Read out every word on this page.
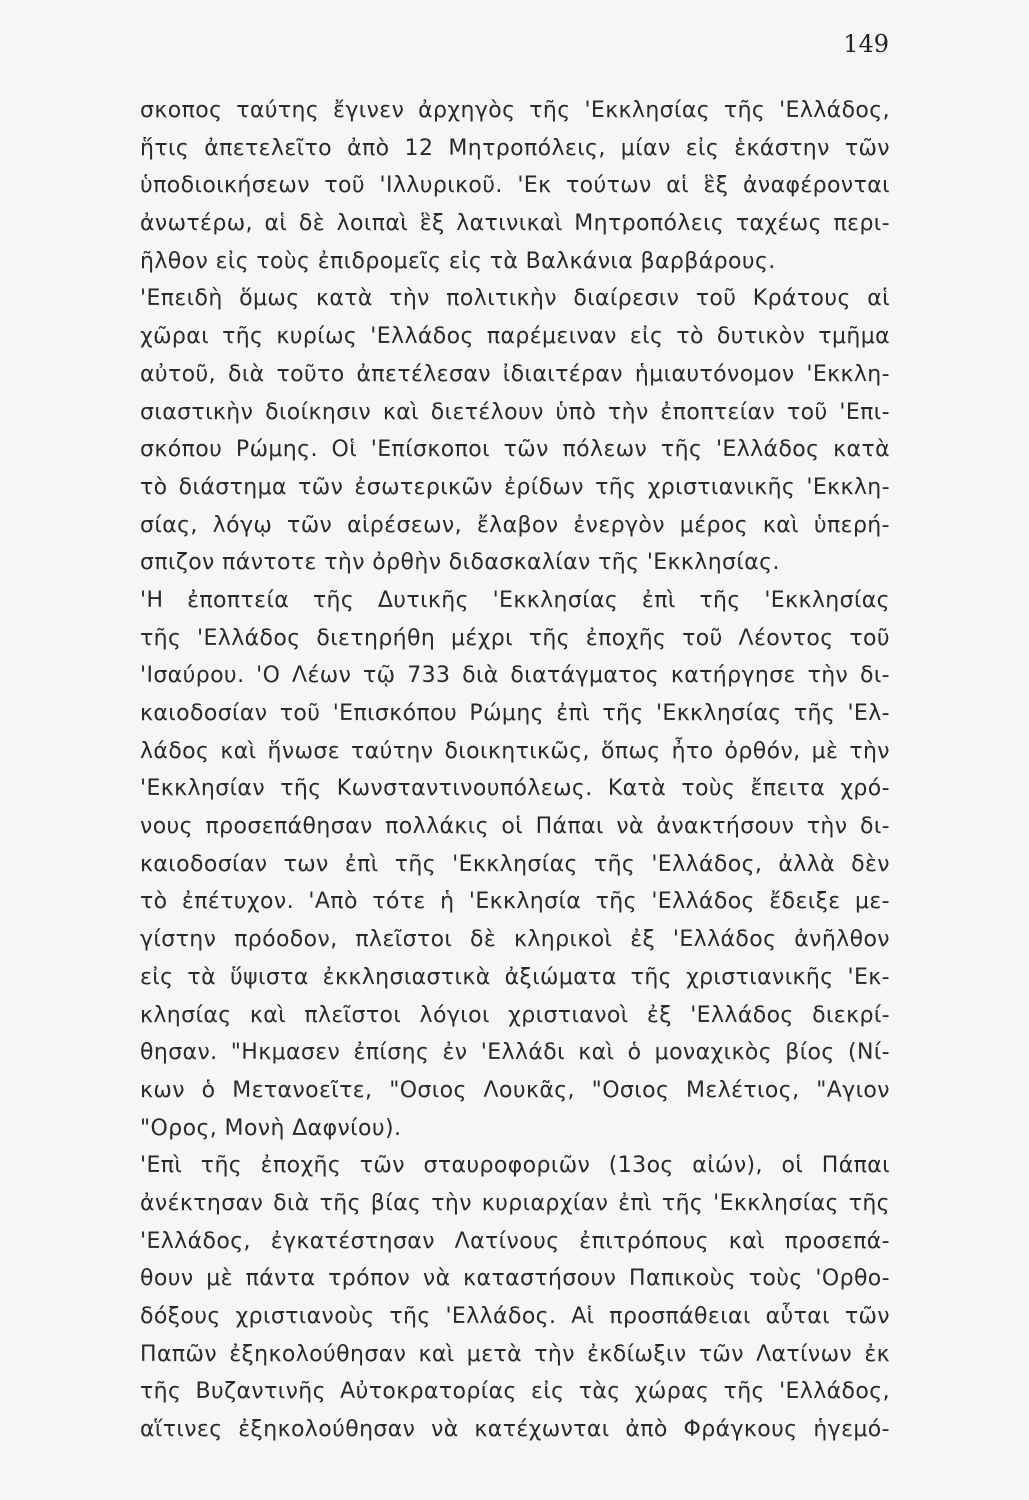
149
σκοπος ταύτης ἔγινεν ἀρχηγὸς τῆς 'Εκκλησίας τῆς 'Ελλάδος,
ἥτις ἀπετελεῖτο ἀπὸ 12 Μητροπόλεις, μίαν εἰς ἑκάστην τῶν
ὑποδιοικήσεων τοῦ 'Ιλλυρικοῦ. 'Εκ τούτων αἱ ἓξ ἀναφέρονται
ἀνωτέρω, αἱ δὲ λοιπαὶ ἓξ λατινικαὶ Μητροπόλεις ταχέως περι-
ῆλθον εἰς τοὺς ἐπιδρομεῖς εἰς τὰ Βαλκάνια βαρβάρους.
'Επειδὴ ὅμως κατὰ τὴν πολιτικὴν διαίρεσιν τοῦ Κράτους αἱ
χῶραι τῆς κυρίως 'Ελλάδος παρέμειναν εἰς τὸ δυτικὸν τμῆμα
αὐτοῦ, διὰ τοῦτο ἀπετέλεσαν ἰδιαιτέραν ἡμιαυτόνομον 'Εκκλη-
σιαστικὴν διοίκησιν καὶ διετέλουν ὑπὸ τὴν ἐποπτείαν τοῦ 'Επι-
σκόπου Ρώμης. Οἱ 'Επίσκοποι τῶν πόλεων τῆς 'Ελλάδος κατὰ
τὸ διάστημα τῶν ἐσωτερικῶν ἐρίδων τῆς χριστιανικῆς 'Εκκλη-
σίας, λόγῳ τῶν αἱρέσεων, ἔλαβον ἐνεργὸν μέρος καὶ ὑπερή-
σπιζον πάντοτε τὴν ὀρθὴν διδασκαλίαν τῆς 'Εκκλησίας.
'Η ἐποπτεία τῆς Δυτικῆς 'Εκκλησίας ἐπὶ τῆς 'Εκκλησίας
τῆς 'Ελλάδος διετηρήθη μέχρι τῆς ἐποχῆς τοῦ Λέοντος τοῦ
'Ισαύρου. 'Ο Λέων τῷ 733 διὰ διατάγματος κατήργησε τὴν δι-
καιοδοσίαν τοῦ 'Επισκόπου Ρώμης ἐπὶ τῆς 'Εκκλησίας τῆς 'Ελ-
λάδος καὶ ἥνωσε ταύτην διοικητικῶς, ὅπως ἦτο ὀρθόν, μὲ τὴν
'Εκκλησίαν τῆς Κωνσταντινουπόλεως. Κατὰ τοὺς ἔπειτα χρό-
νους προσεπάθησαν πολλάκις οἱ Πάπαι νὰ ἀνακτήσουν τὴν δι-
καιοδοσίαν των ἐπὶ τῆς 'Εκκλησίας τῆς 'Ελλάδος, ἀλλὰ δὲν
τὸ ἐπέτυχον. 'Απὸ τότε ἡ 'Εκκλησία τῆς 'Ελλάδος ἔδειξε με-
γίστην πρόοδον, πλεῖστοι δὲ κληρικοὶ ἐξ 'Ελλάδος ἀνῆλθον
εἰς τὰ ὕψιστα ἐκκλησιαστικὰ ἀξιώματα τῆς χριστιανικῆς 'Εκ-
κλησίας καὶ πλεῖστοι λόγιοι χριστιανοὶ ἐξ 'Ελλάδος διεκρί-
θησαν. "Ηκμασεν ἐπίσης ἐν 'Ελλάδι καὶ ὁ μοναχικὸς βίος (Νί-
κων ὁ Μετανοεῖτε, "Οσιος Λουκᾶς, "Οσιος Μελέτιος, "Αγιον
"Ορος, Μονὴ Δαφνίου).
'Επὶ τῆς ἐποχῆς τῶν σταυροφοριῶν (13ος αἰών), οἱ Πάπαι
ἀνέκτησαν διὰ τῆς βίας τὴν κυριαρχίαν ἐπὶ τῆς 'Εκκλησίας τῆς
'Ελλάδος, ἐγκατέστησαν Λατίνους ἐπιτρόπους καὶ προσεπά-
θουν μὲ πάντα τρόπον νὰ καταστήσουν Παπικοὺς τοὺς 'Ορθο-
δόξους χριστιανοὺς τῆς 'Ελλάδος. Αἱ προσπάθειαι αὗται τῶν
Παπῶν ἐξηκολούθησαν καὶ μετὰ τὴν ἐκδίωξιν τῶν Λατίνων ἐκ
τῆς Βυζαντινῆς Αὐτοκρατορίας εἰς τὰς χώρας τῆς 'Ελλάδος,
αἵτινες ἐξηκολούθησαν νὰ κατέχωνται ἀπὸ Φράγκους ἡγεμό-
